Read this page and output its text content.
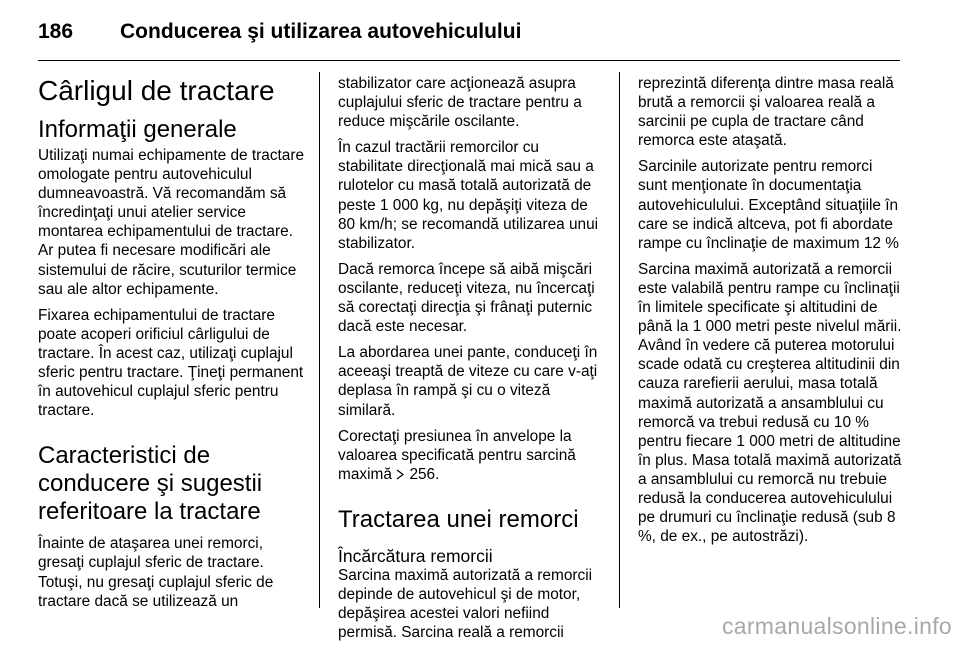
186 Conducerea şi utilizarea autovehiculului
Cârligul de tractare
Informaţii generale

Utilizaţi numai echipamente de tractare omologate pentru autovehiculul dumneavoastră. Vă recomandăm să încredinţaţi unui atelier service montarea echipamentului de tractare. Ar putea fi necesare modificări ale sistemului de răcire, scuturilor termice sau ale altor echipamente.

Fixarea echipamentului de tractare poate acoperi orificiul cârligului de tractare. În acest caz, utilizaţi cuplajul sferic pentru tractare. Ţineţi permanent în autovehicul cuplajul sferic pentru tractare.

Caracteristici de conducere şi sugestii referitoare la tractare

Înainte de ataşarea unei remorci, gresaţi cuplajul sferic de tractare. Totuşi, nu gresaţi cuplajul sferic de tractare dacă se utilizează un

stabilizator care acţionează asupra cuplajului sferic de tractare pentru a reduce mişcările oscilante.

În cazul tractării remorcilor cu stabilitate direcţională mai mică sau a rulotelor cu masă totală autorizată de peste 1 000 kg, nu depăşiţi viteza de 80 km/h; se recomandă utilizarea unui stabilizator.

Dacă remorca începe să aibă mişcări oscilante, reduceţi viteza, nu încercaţi să corectaţi direcţia şi frânaţi puternic dacă este necesar.

La abordarea unei pante, conduceţi în aceeaşi treaptă de viteze cu care v-aţi deplasa în rampă şi cu o viteză similară.

Corectaţi presiunea în anvelope la valoarea specificată pentru sarcină maximă 256.

Tractarea unei remorci
Încărcătura remorcii

Sarcina maximă autorizată a remorcii depinde de autovehicul şi de motor, depăşirea acestei valori nefiind permisă. Sarcina reală a remorcii

reprezintă diferenţa dintre masa reală brută a remorcii şi valoarea reală a sarcinii pe cupla de tractare când remorca este ataşată.

Sarcinile autorizate pentru remorci sunt menţionate în documentaţia autovehiculului. Exceptând situaţiile în care se indică altceva, pot fi abordate rampe cu înclinaţie de maximum 12 %

Sarcina maximă autorizată a remorcii este valabilă pentru rampe cu înclinaţii în limitele specificate şi altitudini de până la 1 000 metri peste nivelul mării. Având în vedere că puterea motorului scade odată cu creşterea altitudinii din cauza rarefierii aerului, masa totală maximă autorizată a ansamblului cu remorcă va trebui redusă cu 10 % pentru fiecare 1 000 metri de altitudine în plus. Masa totală maximă autorizată a ansamblului cu remorcă nu trebuie redusă la conducerea autovehiculului pe drumuri cu înclinaţie redusă (sub 8 %, de ex., pe autostrăzi).

carmanualsonline.info
